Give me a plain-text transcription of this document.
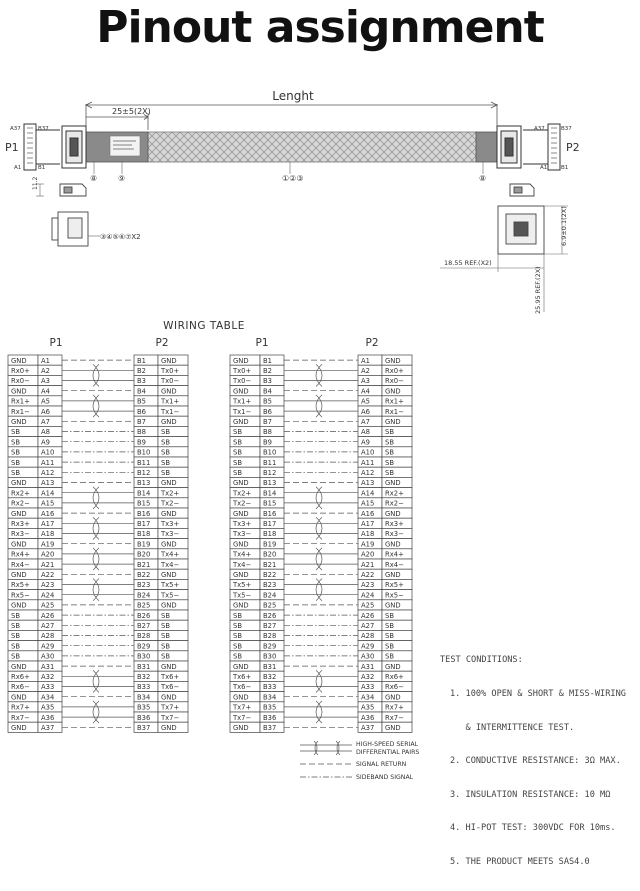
Pinout assignment
Lenght
25±5(2X)
P1
A37	B37
A1	B1
P2
A37	B37
A1 B1
⑧	⑨	①②③	⑧
11.2
③④⑤⑥⑦X2	6.9±0.1(2X)
18.55 REF.(X2)
25.95 REF.(2X)
WIRING TABLE
P1	P2	P1	P2
GND A1	B1 GND
Rx0+ A2	B2 Tx0+
Rx0− A3	B3 Tx0−
GND A4	B4 GND
Rx1+ A5	B5 Tx1+
Rx1− A6	B6 Tx1−
GND A7	B7 GND
SB	A8	B8 SB
SB	A9	B9 SB
SB	A10	B10 SB
SB	A11	B11 SB
SB	A12	B12 SB
GND A13	B13 GND
Rx2+ A14	B14 Tx2+
Rx2− A15	B15 Tx2−
GND A16	B16 GND
Rx3+ A17	B17 Tx3+
Rx3− A18	B18 Tx3−
GND A19	B19 GND
Rx4+ A20	B20 Tx4+
Rx4− A21	B21 Tx4−
GND A22	B22 GND
Rx5+ A23	B23 Tx5+
Rx5− A24	B24 Tx5−
GND A25	B25 GND
SB	A26	B26 SB
SB	A27	B27 SB
SB	A28	B28 SB
SB	A29	B29 SB
SB	A30	B30 SB
GND A31	B31 GND
Rx6+ A32	B32 Tx6+
Rx6− A33	B33 Tx6−
GND A34	B34 GND
Rx7+ A35	B35 Tx7+
Rx7− A36	B36 Tx7−
GND A37	B37 GND
GND B1	A1 GND
Tx0+ B2	A2 Rx0+
Tx0− B3	A3 Rx0−
GND B4	A4 GND
Tx1+ B5	A5 Rx1+
Tx1− B6	A6 Rx1−
GND B7	A7 GND
SB	B8	A8 SB
SB	B9	A9 SB
SB	B10	A10 SB
SB	B11	A11 SB
SB	B12	A12 SB
GND B13	A13 GND
Tx2+ B14	A14 Rx2+
Tx2− B15	A15 Rx2−
GND B16	A16 GND
Tx3+ B17	A17 Rx3+
Tx3− B18	A18 Rx3−
GND B19	A19 GND
Tx4+ B20	A20 Rx4+
Tx4− B21	A21 Rx4−
GND B22	A22 GND
Tx5+ B23	A23 Rx5+
Tx5− B24	A24 Rx5−
GND B25	A25 GND
SB	B26	A26 SB
SB	B27	A27 SB
SB	B28	A28 SB
SB	B29	A29 SB
SB	B30	A30 SB
GND B31	A31 GND
Tx6+ B32	A32 Rx6+
Tx6− B33	A33 Rx6−
GND B34	A34 GND
Tx7+ B35	A35 Rx7+
Tx7− B36	A36 Rx7−
GND B37	A37 GND
HIGH-SPEED SERIAL
DIFFERENTIAL PAIRS
SIGNAL RETURN
SIDEBAND SIGNAL

TEST CONDITIONS:

1. 100% OPEN & SHORT & MISS-WIRING

& INTERMITTENCE TEST.

2. CONDUCTIVE RESISTANCE: 3Ω MAX.

3. INSULATION RESISTANCE: 10 MΩ

4. HI-POT TEST: 300VDC FOR 10ms.

5. THE PRODUCT MEETS SAS4.0
